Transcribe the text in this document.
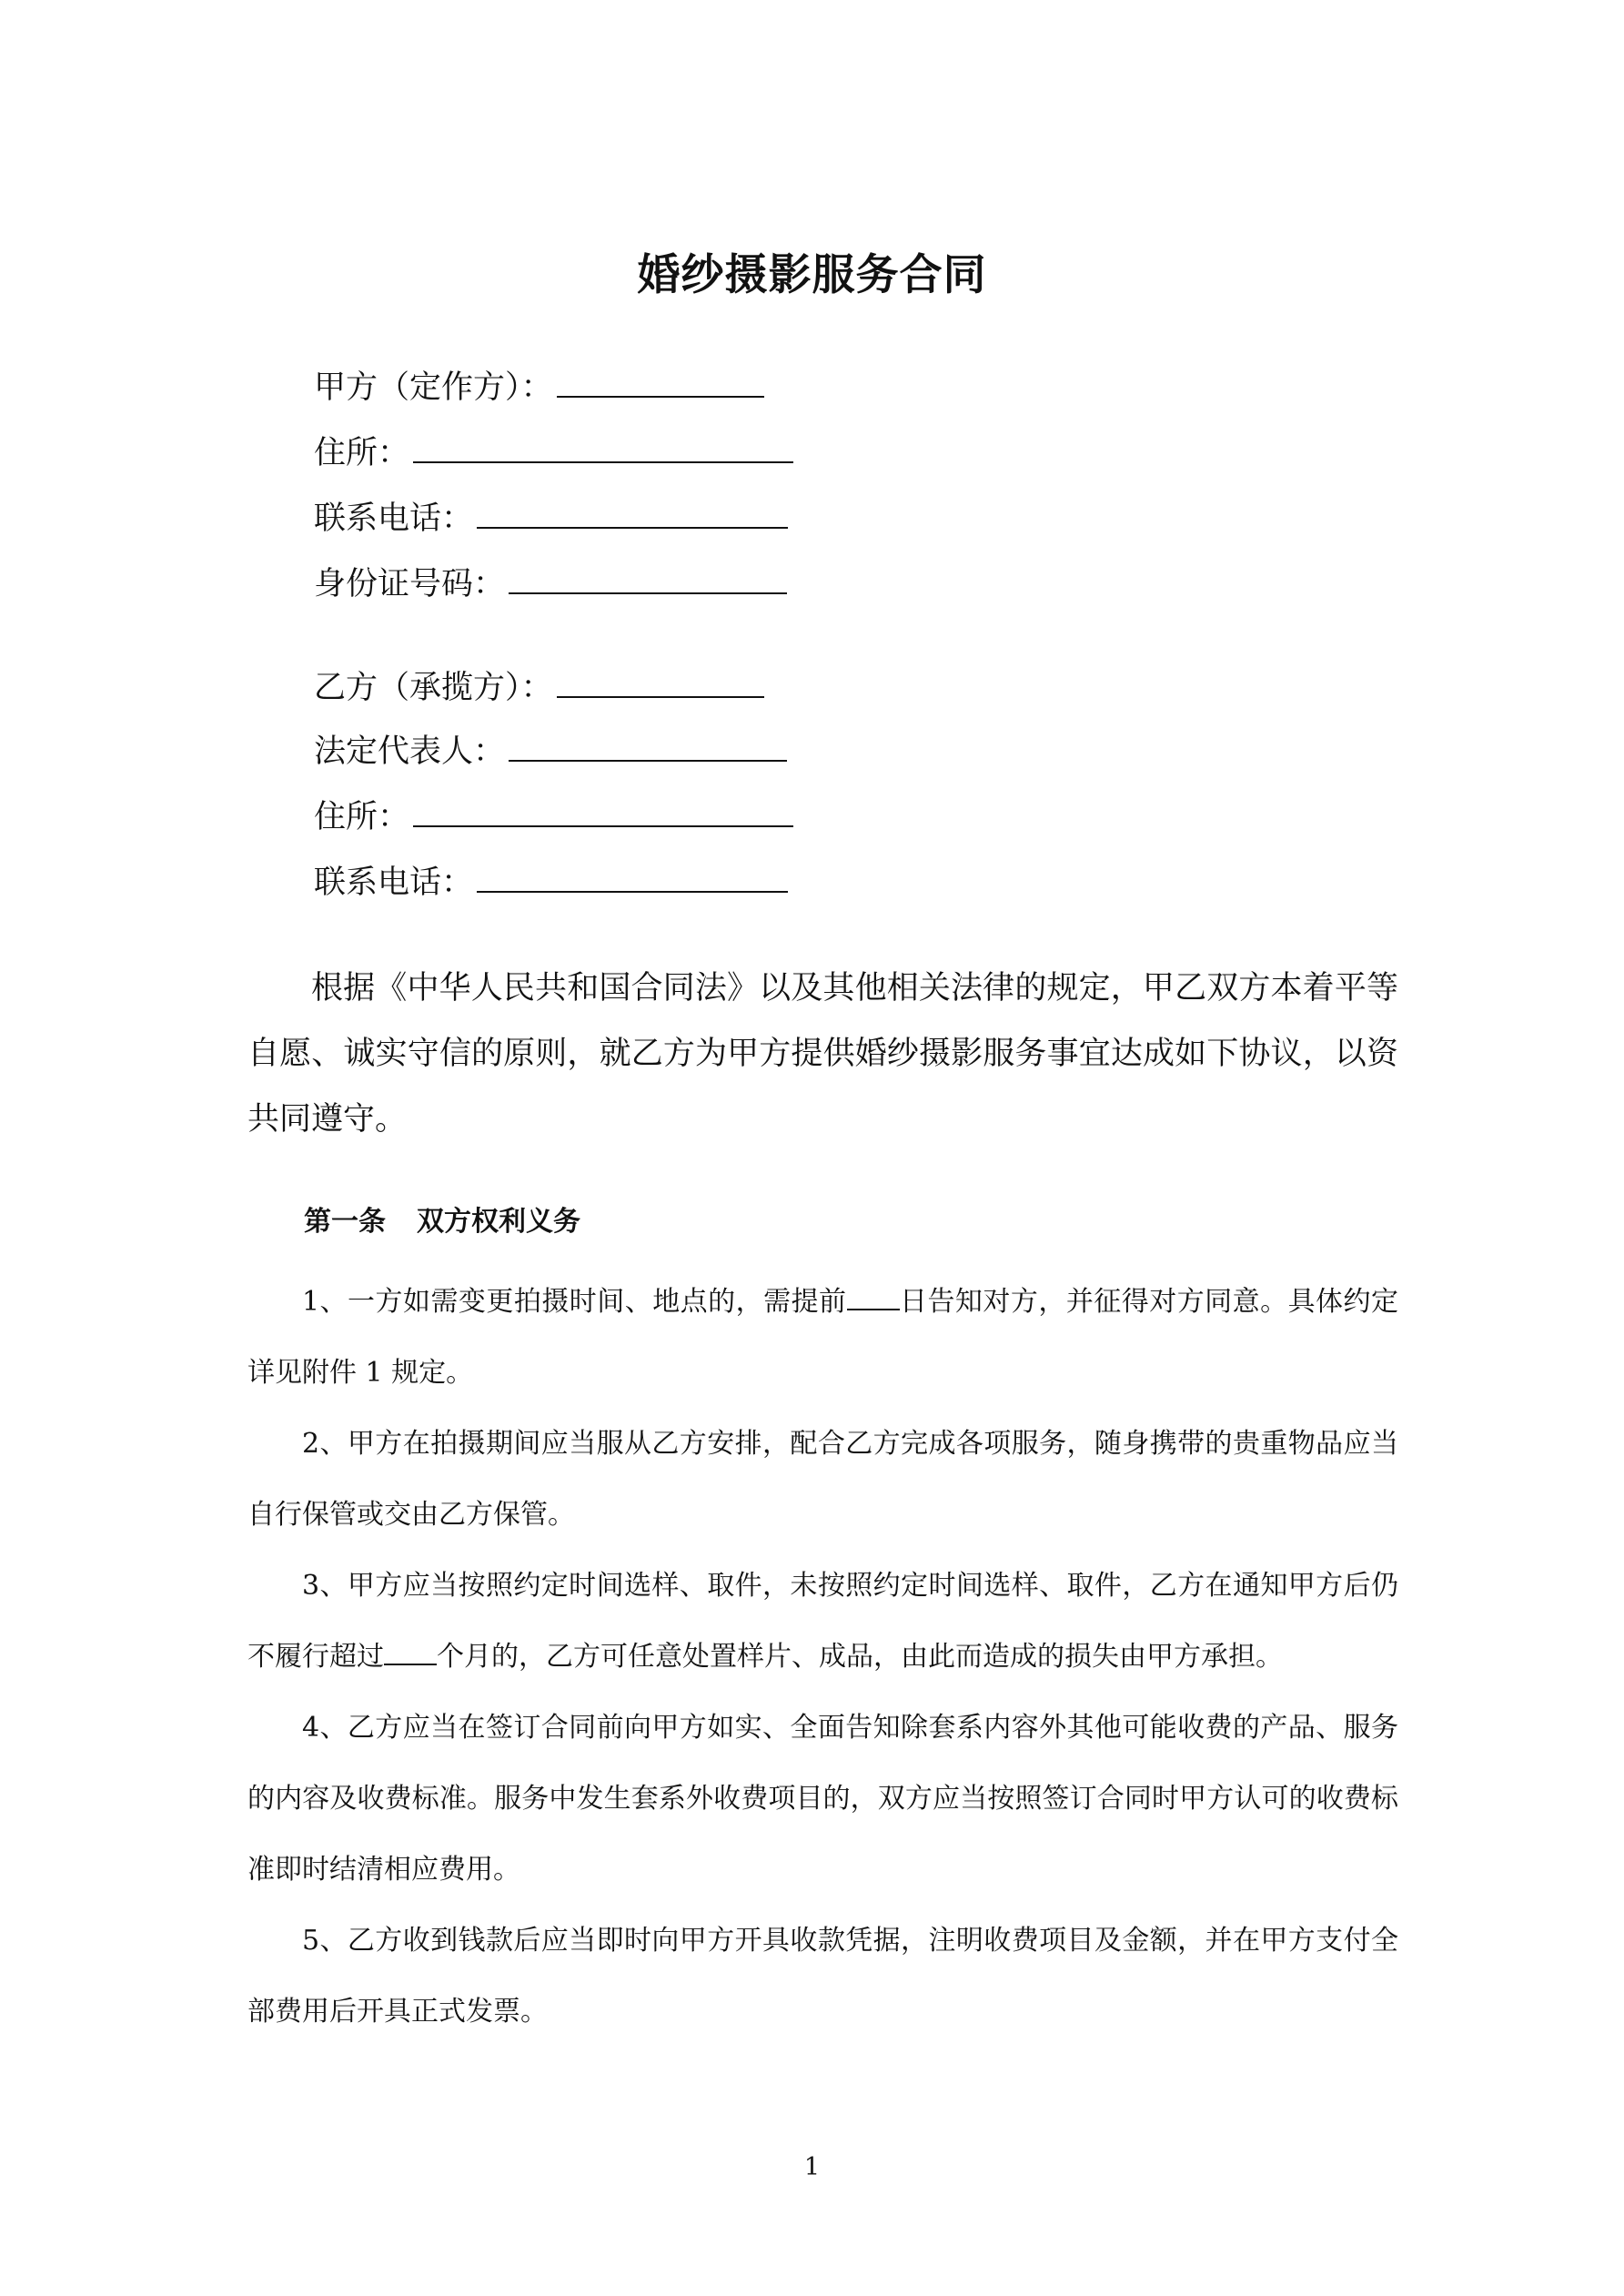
婚纱摄影服务合同
甲方（定作方）：
住所：
联系电话：
身份证号码：
乙方（承揽方）：
法定代表人：
住所：
联系电话：

根据《中华人民共和国合同法》以及其他相关法律的规定，甲乙双方本着平等自愿、诚实守信的原则，就乙方为甲方提供婚纱摄影服务事宜达成如下协议，以资共同遵守。

第一条 双方权利义务

1、一方如需变更拍摄时间、地点的，需提前 日告知对方，并征得对方同意。具体约定详见附件 1 规定。

2、甲方在拍摄期间应当服从乙方安排，配合乙方完成各项服务，随身携带的贵重物品应当自行保管或交由乙方保管。

3、甲方应当按照约定时间选样、取件，未按照约定时间选样、取件，乙方在通知甲方后仍不履行超过 个月的，乙方可任意处置样片、成品，由此而造成的损失由甲方承担。

4、乙方应当在签订合同前向甲方如实、全面告知除套系内容外其他可能收费的产品、服务的内容及收费标准。服务中发生套系外收费项目的，双方应当按照签订合同时甲方认可的收费标准即时结清相应费用。

5、乙方收到钱款后应当即时向甲方开具收款凭据，注明收费项目及金额，并在甲方支付全部费用后开具正式发票。

1
